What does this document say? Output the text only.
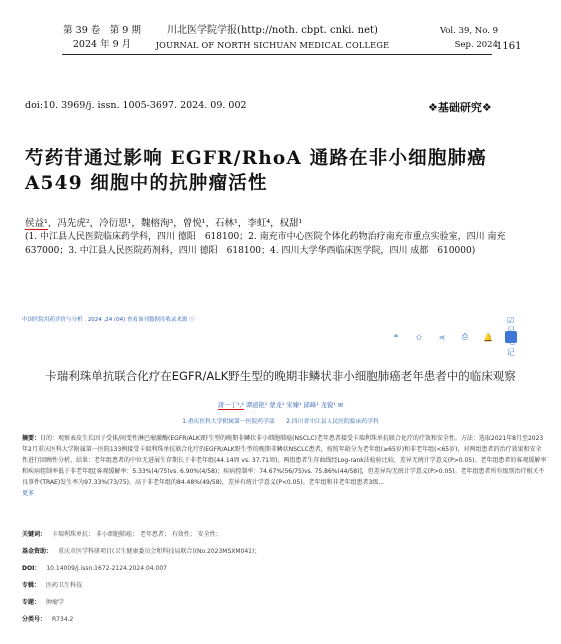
第 39 卷　第 9 期
2024 年 9 月
川北医学院学报(http://noth. cbpt. cnki. net)
JOURNAL OF NORTH SICHUAN MEDICAL COLLEGE
Vol. 39, No. 9
Sep. 2024
1161
doi:10. 3969/j. issn. 1005-3697. 2024. 09. 002	❖基础研究❖
芍药苷通过影响 EGFR/RhoA 通路在非小细胞肺癌
A549 细胞中的抗肿瘤活性
侯益¹，冯先虎²，冷衍思¹，魏榕洵³，曾悦¹，石林¹，李虹⁴，权甜¹
(1. 中江县人民医院临床药学科，四川 德阳　618100；2. 南充市中心医院个体化药物治疗南充市重点实验室，四川 南充
637000；3. 中江县人民医院药剂科，四川 德阳　618100；4. 四川大学华西临床医学院，四川 成都　610000)
中国医院用药评价与分析 . 2024 ,24 (04) 查看该刊数据库收录来源 ⓘ
❝	✩	⋖	⎙	🔔
☑ 记笔记
卡瑞利珠单抗联合化疗在EGFR/ALK野生型的晚期非鳞状非小细胞肺癌老年患者中的临床观察
唐一丁¹,² 谭道艳¹ 蒙龙¹ 宋臻¹ 邱峰¹ 龙锐¹ ✉
1.重庆医科大学附属第一医院药学部　　2.四川省中江县人民医院临床药学科
摘要：目的：观察表皮生长因子受体/间变性淋巴瘤激酶(EGFR/ALK)野生型的晚期非鳞状非小细胞肺癌(NSCLC)老年患者接受卡瑞利珠单抗联合化疗的疗效和安全性。方法：选取2021年8月至2023年2月重庆医科大学附属第一医院133例接受卡瑞利珠单抗联合化疗的EGFR/ALK野生型的晚期非鳞状NSCLC患者，按照年龄分为老年组(≥65岁)和非老年组(<65岁)，对两组患者的治疗效果和安全性进行回顾性分析。结果：老年组患者的中位无进展生存期长于非老年组(44.14周 vs. 37.71周)，两组患者生存曲线经Log-rank法检验比较，差异无统计学意义(P>0.05)。老年组患者的客观缓解率和疾病控制率低于非老年组[客观缓解率：5.33%(4/75)vs. 6.90%(4/58)；疾病控制率：74.67%(56/75)vs. 75.86%(44/58)]，但差异均无统计学意义(P>0.05)。老年组患者所有级别治疗相关不良事件(TRAE)发生率为97.33%(73/75)，高于非老年组的84.48%(49/58)，差异有统计学意义(P<0.05)。老年组和非老年组患者3级...
更多
关键词： 卡瑞利珠单抗； 非小细胞肺癌； 老年患者； 有效性； 安全性；
基金资助： 重庆市医学科研项目(卫生健康委员会和科技局联合)(No.2023MSXM041)；
DOI： 10.14009/j.issn.1672-2124.2024.04.007
专辑： 医药卫生科技
专题： 肿瘤学
分类号： R734.2
